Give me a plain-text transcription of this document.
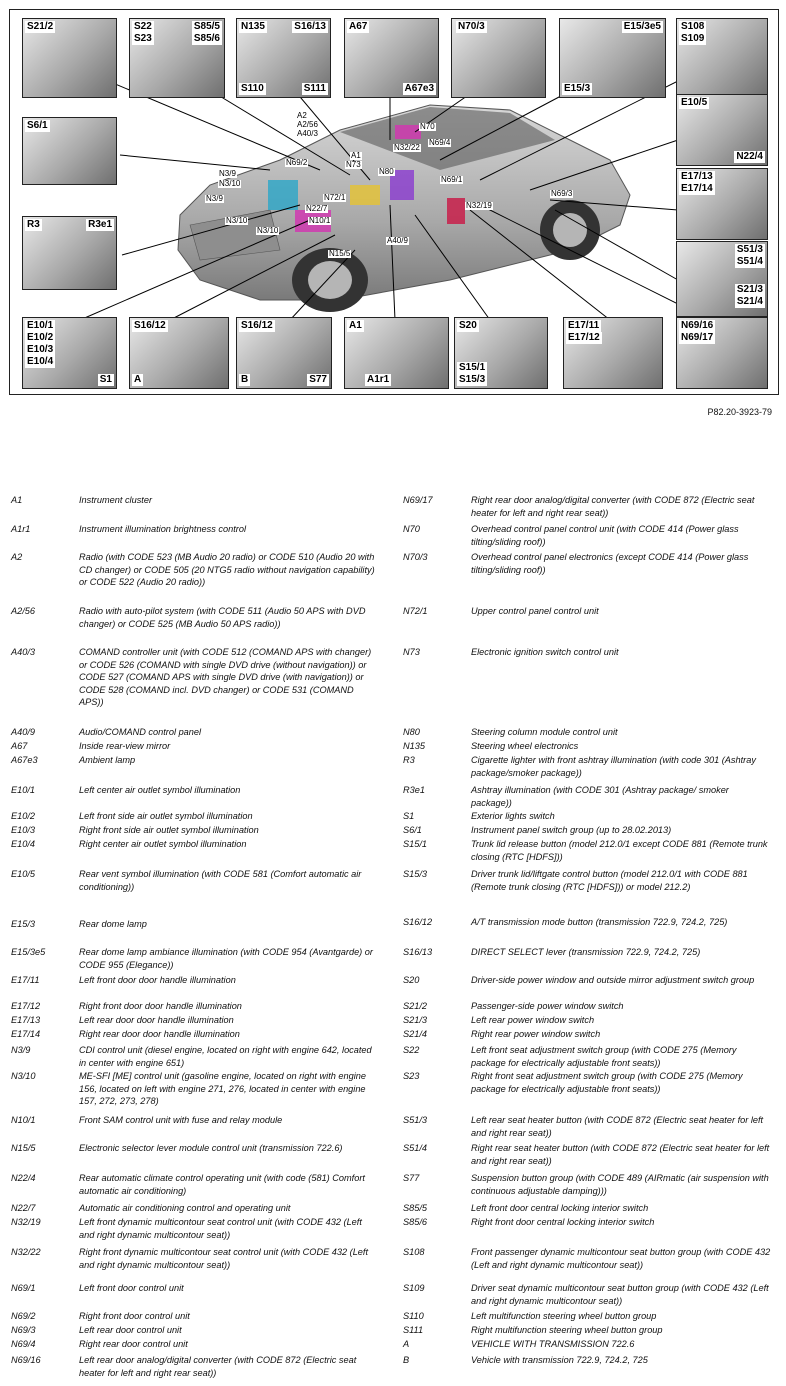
S21/2	S22
S23
S85/5
S85/6
N135	S16/13
S110	S111
A67
A67e3
N70/3	E15/3e5
E15/3
S108
S109
S6/1
E10/5
N22/4
R3	R3e1
E17/13
E17/14
S51/3
S51/4
S21/3
S21/4
E10/1
E10/2
E10/3
E10/4
S1
S16/12
A
S16/12
B	S77
A1
A1r1
S20
S15/1
S15/3
E17/11
E17/12
N69/16
N69/17
A2
A2/56
A40/3
A1
N73
N69/2
N3/9
N3/10
N3/9
N3/10
N3/10
N22/7
N10/1
N72/1
N15/5
N80
N32/22
N69/4
N70
N69/1
N32/19
N69/3
A40/9
P82.20-3923-79
A1	Instrument cluster
A1r1	Instrument illumination brightness control
A2	Radio (with CODE 523 (MB Audio 20 radio) or CODE 510 (Audio 20 with CD changer) or CODE 505 (20 NTG5 radio without navigation capability) or CODE 522 (Audio 20 radio))
A2/56	Radio with auto-pilot system (with CODE 511 (Audio 50 APS with DVD changer) or CODE 525 (MB Audio 50 APS radio))
A40/3	COMAND controller unit (with CODE 512 (COMAND APS with changer) or CODE 526 (COMAND with single DVD drive (without navigation)) or CODE 527 (COMAND APS with single DVD drive (with navigation)) or CODE 528 (COMAND incl. DVD changer) or CODE 531 (COMAND APS))
A40/9	Audio/COMAND control panel
A67	Inside rear-view mirror
A67e3	Ambient lamp
E10/1	Left center air outlet symbol illumination
E10/2	Left front side air outlet symbol illumination
E10/3	Right front side air outlet symbol illumination
E10/4	Right center air outlet symbol illumination
E10/5	Rear vent symbol illumination (with CODE 581 (Comfort automatic air conditioning))
E15/3	Rear dome lamp
E15/3e5	Rear dome lamp ambiance illumination (with CODE 954 (Avantgarde) or CODE 955 (Elegance))
E17/11	Left front door door handle illumination
E17/12	Right front door door handle illumination
E17/13	Left rear door door handle illumination
E17/14	Right rear door door handle illumination
N3/9	CDI control unit (diesel engine, located on right with engine 642, located in center with engine 651)
N3/10	ME-SFI [ME] control unit (gasoline engine, located on right with engine 156, located on left with engine 271, 276, located in center with engine 157, 272, 273, 278)
N10/1	Front SAM control unit with fuse and relay module
N15/5	Electronic selector lever module control unit (transmission 722.6)
N22/4	Rear automatic climate control operating unit (with code (581) Comfort automatic air conditioning)
N22/7	Automatic air conditioning control and operating unit
N32/19	Left front dynamic multicontour seat control unit (with CODE 432 (Left and right dynamic multicontour seat))
N32/22	Right front dynamic multicontour seat control unit (with CODE 432 (Left and right dynamic multicontour seat))
N69/1	Left front door control unit
N69/2	Right front door control unit
N69/3	Left rear door control unit
N69/4	Right rear door control unit
N69/16	Left rear door analog/digital converter (with CODE 872 (Electric seat heater for left and right rear seat))
N69/17	Right rear door analog/digital converter (with CODE 872 (Electric seat heater for left and right rear seat))
N70	Overhead control panel control unit (with CODE 414 (Power glass tilting/sliding roof))
N70/3	Overhead control panel electronics (except CODE 414 (Power glass tilting/sliding roof))
N72/1	Upper control panel control unit
N73	Electronic ignition switch control unit
N80	Steering column module control unit
N135	Steering wheel electronics
R3	Cigarette lighter with front ashtray illumination (with code 301 (Ashtray package/smoker package))
R3e1	Ashtray illumination (with CODE 301 (Ashtray package/ smoker package))
S1	Exterior lights switch
S6/1	Instrument panel switch group (up to 28.02.2013)
S15/1	Trunk lid release button (model 212.0/1 except CODE 881 (Remote trunk closing (RTC [HDFS]))
S15/3	Driver trunk lid/liftgate control button (model 212.0/1 with CODE 881 (Remote trunk closing (RTC [HDFS])) or model 212.2)
S16/12	A/T transmission mode button (transmission 722.9, 724.2, 725)
S16/13	DIRECT SELECT lever (transmission 722.9, 724.2, 725)
S20	Driver-side power window and outside mirror adjustment switch group
S21/2	Passenger-side power window switch
S21/3	Left rear power window switch
S21/4	Right rear power window switch
S22	Left front seat adjustment switch group (with CODE 275 (Memory package for electrically adjustable front seats))
S23	Right front seat adjustment switch group (with CODE 275 (Memory package for electrically adjustable front seats))
S51/3	Left rear seat heater button (with CODE 872 (Electric seat heater for left and right rear seat))
S51/4	Right rear seat heater button (with CODE 872 (Electric seat heater for left and right rear seat))
S77	Suspension button group (with CODE 489 (AIRmatic (air suspension with continuous adjustable damping)))
S85/5	Left front door central locking interior switch
S85/6	Right front door central locking interior switch
S108	Front passenger dynamic multicontour seat button group (with CODE 432 (Left and right dynamic multicontour seat))
S109	Driver seat dynamic multicontour seat button group (with CODE 432 (Left and right dynamic multicontour seat))
S110	Left multifunction steering wheel button group
S111	Right multifunction steering wheel button group
A	VEHICLE WITH TRANSMISSION 722.6
B	Vehicle with transmission 722.9, 724.2, 725
